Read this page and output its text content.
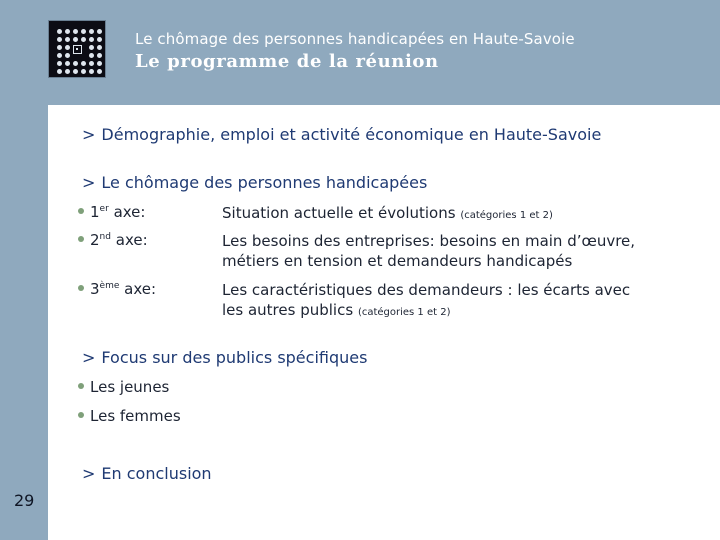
Le chômage des personnes handicapées en Haute-Savoie
Le programme de la réunion
> Démographie, emploi et activité économique en Haute-Savoie
> Le chômage des personnes handicapées
1er axe:	Situation actuelle et évolutions (catégories 1 et 2)
2nd axe:	Les besoins des entreprises: besoins en main d’œuvre,
métiers en tension et demandeurs handicapés
3ème axe:	Les caractéristiques des demandeurs : les écarts avec
les autres publics (catégories 1 et 2)
> Focus sur des publics spécifiques
Les jeunes
Les femmes
> En conclusion
29
